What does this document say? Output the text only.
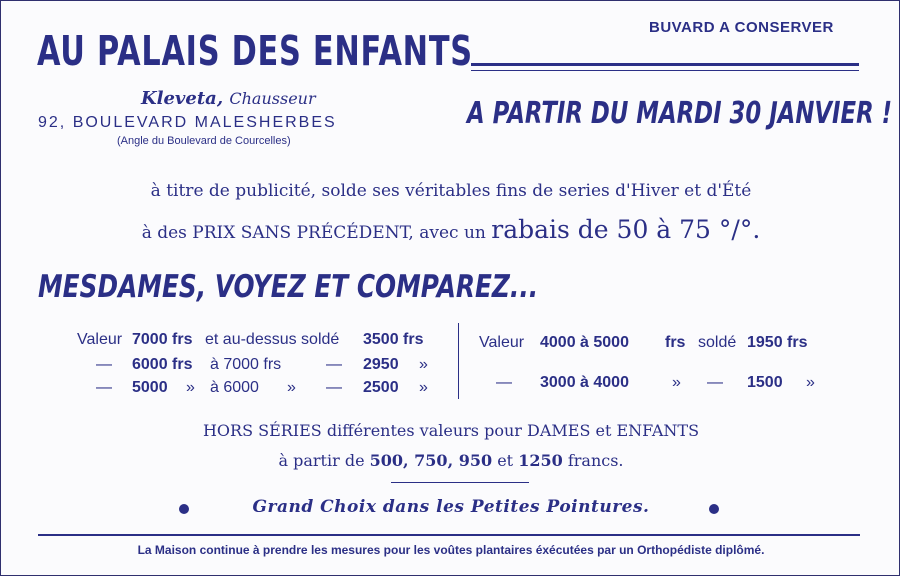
AU PALAIS DES ENFANTS
Kleveta, Chausseur
92, BOULEVARD MALESHERBES
(Angle du Boulevard de Courcelles)
BUVARD A CONSERVER
A PARTIR DU MARDI 30 JANVIER !
à titre de publicité, solde ses véritables fins de series d'Hiver et d'Été
à des PRIX SANS PRÉCÉDENT, avec un rabais de 50 à 75 °/°.
MESDAMES, VOYEZ ET COMPAREZ...
Valeur 7000 frs et au-dessus soldé 3500 frs
— 6000 frs à 7000 frs	— 2950 »
— 5000 » à 6000 » — 2500 »
Valeur 4000 à 5000 frs soldé 1950 frs
— 3000 à 4000	» — 1500 »
HORS SÉRIES différentes valeurs pour DAMES et ENFANTS
à partir de 500, 750, 950 et 1250 francs.
Grand Choix dans les Petites Pointures.
La Maison continue à prendre les mesures pour les voûtes plantaires éxécutées par un Orthopédiste diplômé.
